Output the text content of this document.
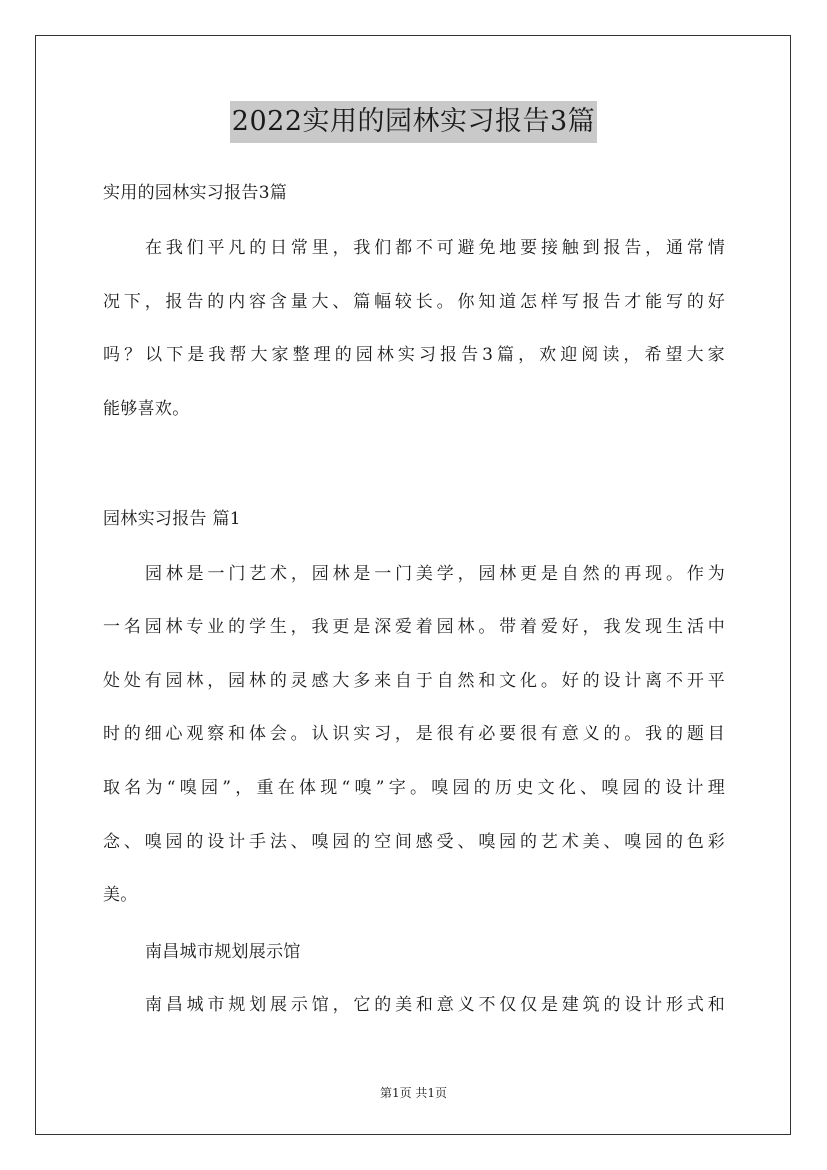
2022实用的园林实习报告3篇
实用的园林实习报告3篇
在我们平凡的日常里，我们都不可避免地要接触到报告，通常情
况下，报告的内容含量大、篇幅较长。你知道怎样写报告才能写的好
吗？以下是我帮大家整理的园林实习报告3篇，欢迎阅读，希望大家
能够喜欢。
园林实习报告 篇1
园林是一门艺术，园林是一门美学，园林更是自然的再现。作为
一名园林专业的学生，我更是深爱着园林。带着爱好，我发现生活中
处处有园林，园林的灵感大多来自于自然和文化。好的设计离不开平
时的细心观察和体会。认识实习，是很有必要很有意义的。我的题目
取名为“嗅园”，重在体现“嗅”字。嗅园的历史文化、嗅园的设计理
念、嗅园的设计手法、嗅园的空间感受、嗅园的艺术美、嗅园的色彩
美。
南昌城市规划展示馆
南昌城市规划展示馆，它的美和意义不仅仅是建筑的设计形式和
第1页 共1页
